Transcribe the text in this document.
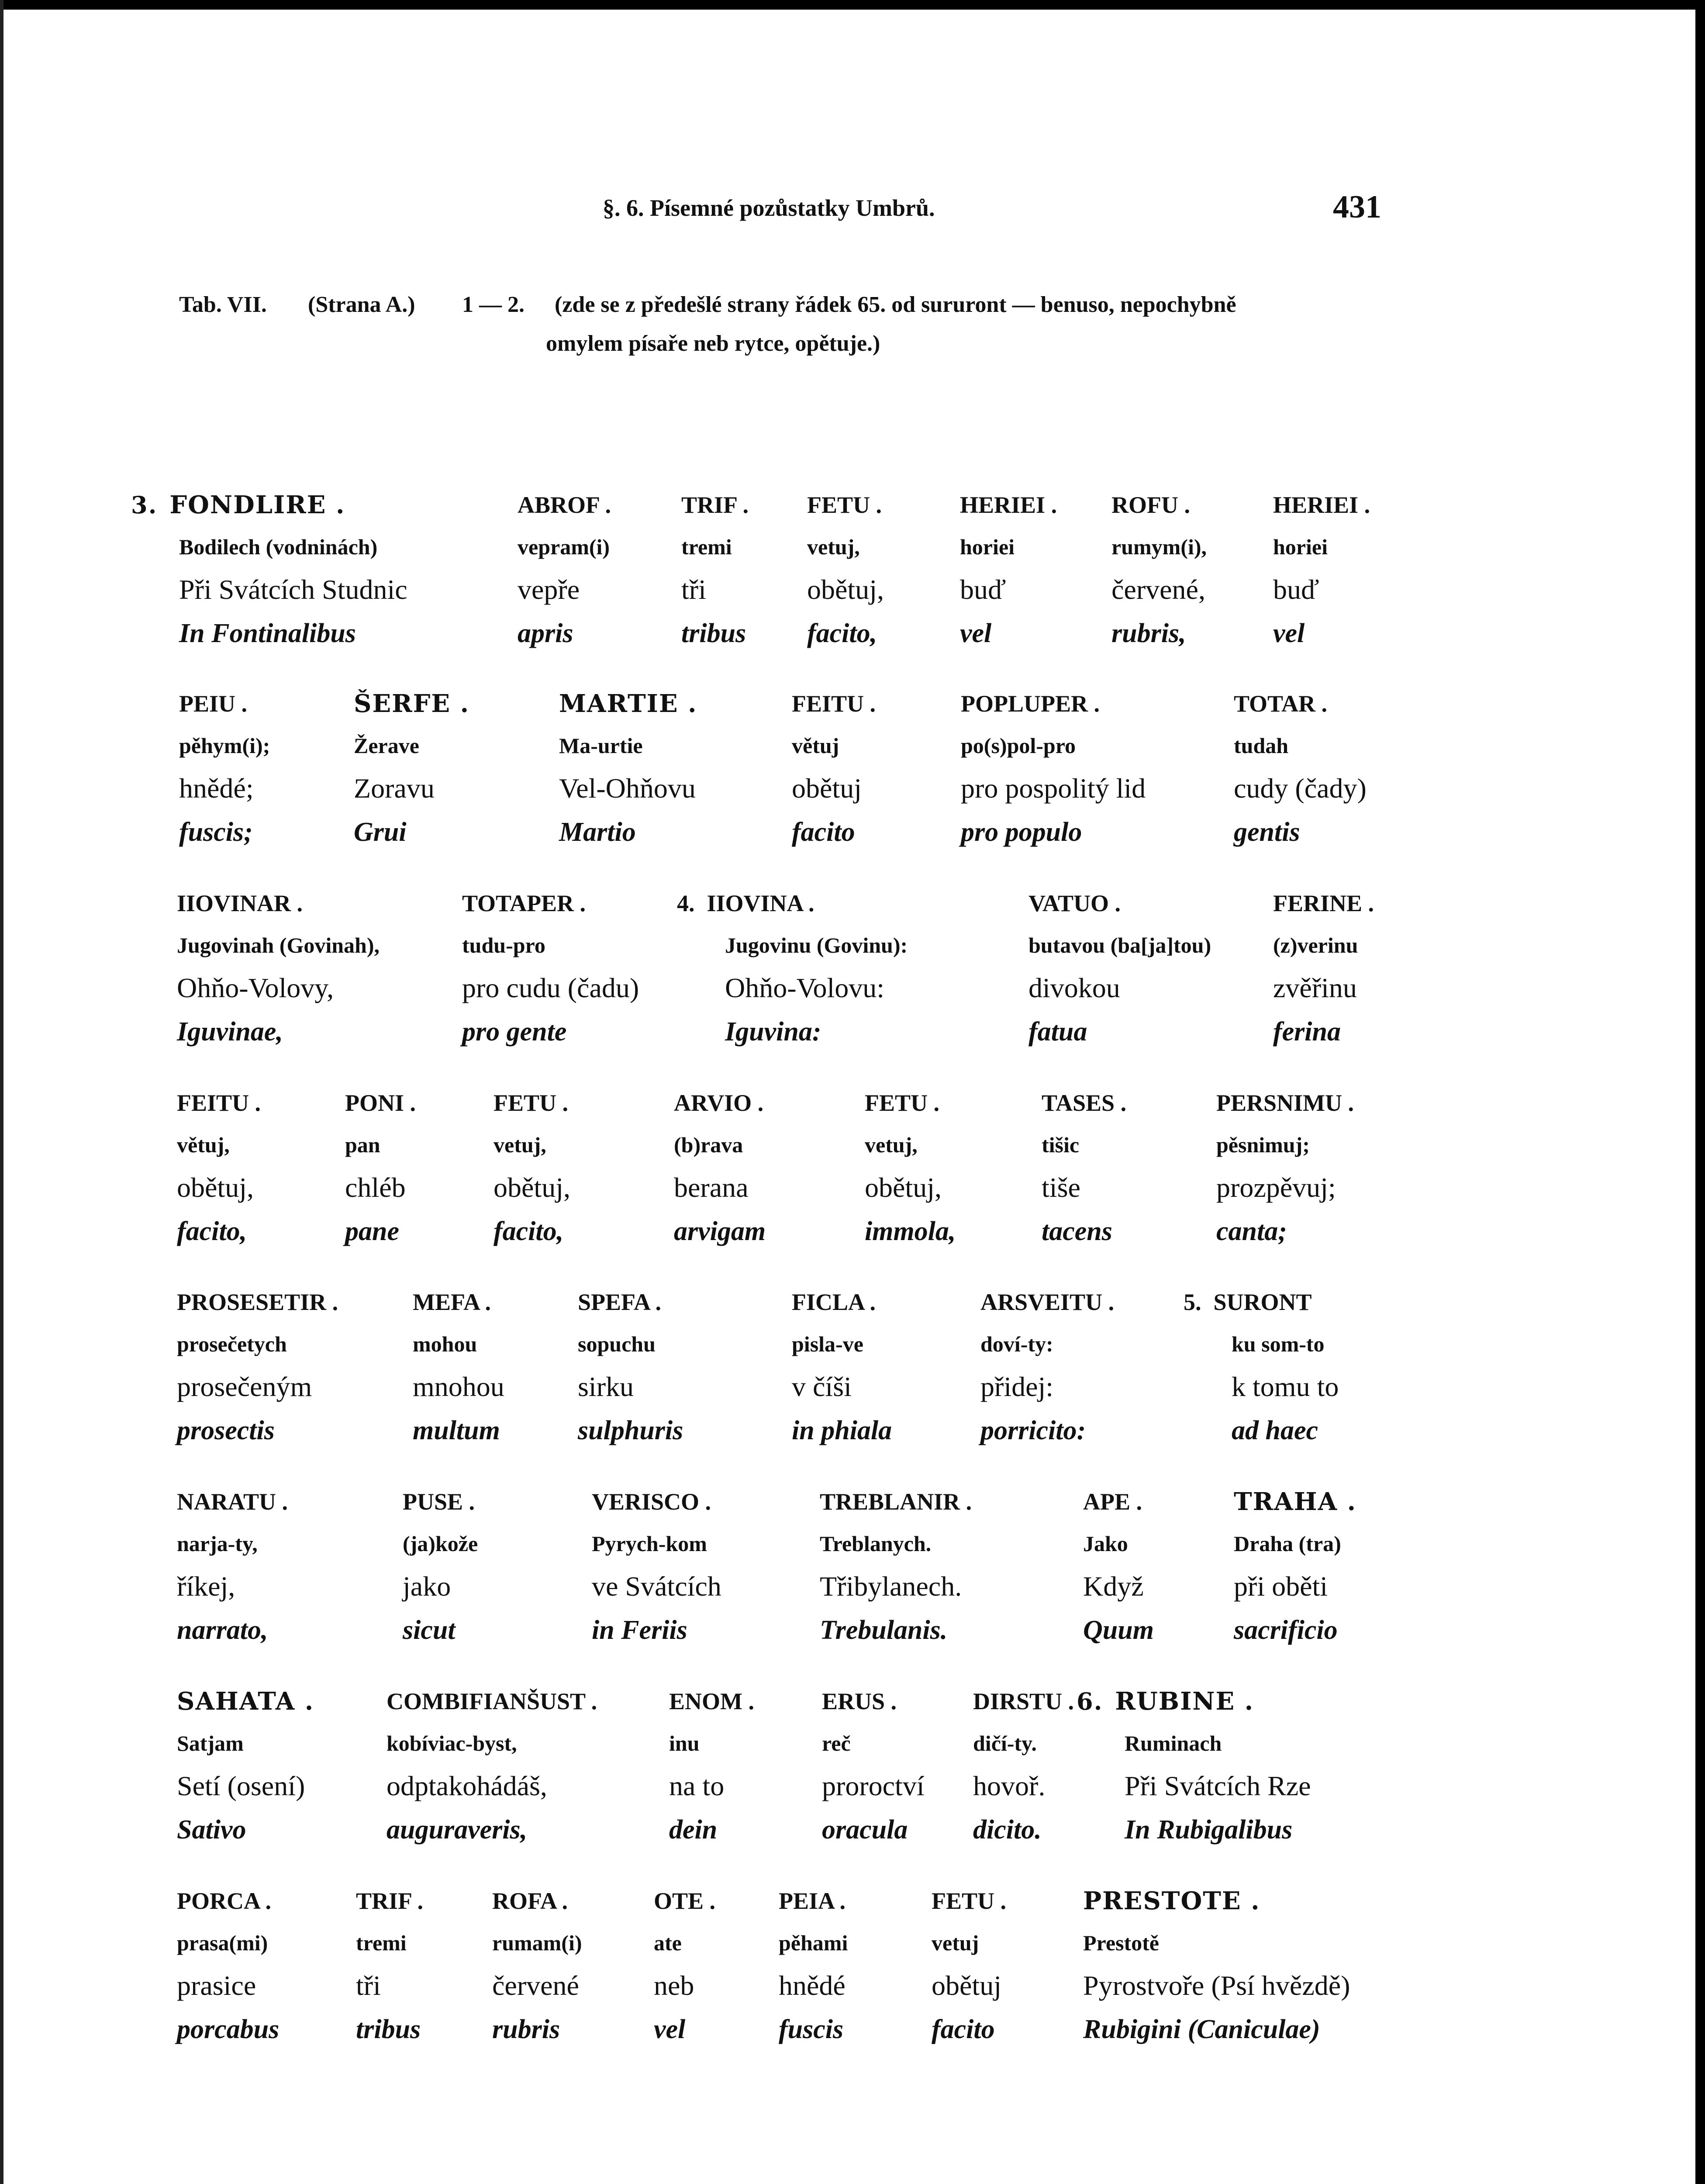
§. 6. Písemné pozůstatky Umbrů.	431
Tab. VII. (Strana A.) 1 — 2. (zde se z předešlé strany řádek 65. od sururont — benuso, nepochybně
omylem písaře neb rytce, opětuje.)
3. FONDLIRE .
Bodilech (vodninách)
Při Svátcích Studnic
In Fontinalibus
ABROF .
vepram(i)
vepře
apris
TRIF .
tremi
tři
tribus
FETU .
vetuj,
obětuj,
facito,
HERIEI .
horiei
buď
vel
ROFU .
rumym(i),
červené,
rubris,
HERIEI .
horiei
buď
vel
PEIU .
pěhym(i);
hnědé;
fuscis;
ŠERFE .
Žerave
Zoravu
Grui
MARTIE .
Ma-urtie
Vel-Ohňovu
Martio
FEITU .
větuj
obětuj
facito
POPLUPER .
po(s)pol-pro
pro pospolitý lid
pro populo
TOTAR .
tudah
cudy (čady)
gentis
IIOVINAR .
Jugovinah (Govinah),
Ohňo-Volovy,
Iguvinae,
TOTAPER .
tudu-pro
pro cudu (čadu)
pro gente
4. IIOVINA .
Jugovinu (Govinu):
Ohňo-Volovu:
Iguvina:
VATUO .
butavou (ba[ja]tou)
divokou
fatua
FERINE .
(z)verinu
zvěřinu
ferina
FEITU .
větuj,
obětuj,
facito,
PONI .
pan
chléb
pane
FETU .
vetuj,
obětuj,
facito,
ARVIO .
(b)rava
berana
arvigam
FETU .
vetuj,
obětuj,
immola,
TASES .
tišic
tiše
tacens
PERSNIMU .
pěsnimuj;
prozpěvuj;
canta;
PROSESETIR .
prosečetych
prosečeným
prosectis
MEFA .
mohou
mnohou
multum
SPEFA .
sopuchu
sirku
sulphuris
FICLA .
pisla-ve
v číši
in phiala
ARSVEITU .
doví-ty:
přidej:
porricito:
5. SURONT
ku som-to
k tomu to
ad haec
NARATU .
narja-ty,
říkej,
narrato,
PUSE .
(ja)kože
jako
sicut
VERISCO .
Pyrych-kom
ve Svátcích
in Feriis
TREBLANIR .
Treblanych.
Třibylanech.
Trebulanis.
APE .
Jako
Když
Quum
TRAHA .
Draha (tra)
při oběti
sacrificio
SAHATA .
Satjam
Setí (osení)
Sativo
COMBIFIANŠUST .
kobíviac-byst,
odptakohádáš,
auguraveris,
ENOM .
inu
na to
dein
ERUS .
reč
proroctví
oracula
DIRSTU .
dičí-ty.
hovoř.
dicito.
6. RUBINE .
Ruminach
Při Svátcích Rze
In Rubigalibus
PORCA .
prasa(mi)
prasice
porcabus
TRIF .
tremi
tři
tribus
ROFA .
rumam(i)
červené
rubris
OTE .
ate
neb
vel
PEIA .
pěhami
hnědé
fuscis
FETU .
vetuj
obětuj
facito
PRESTOTE .
Prestotě
Pyrostvoře (Psí hvězdě)
Rubigini (Caniculae)
